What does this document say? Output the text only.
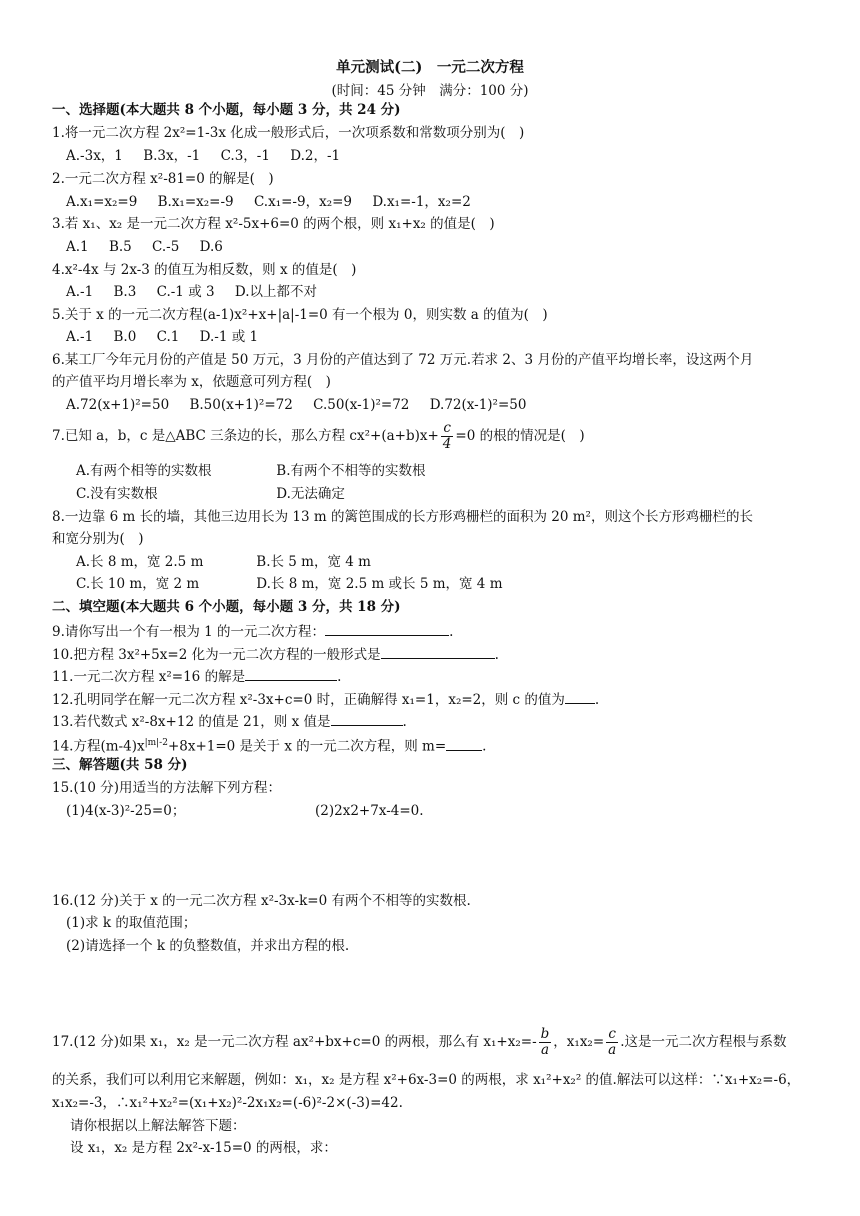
单元测试(二)　一元二次方程
(时间：45 分钟　满分：100 分)
一、选择题(本大题共 8 个小题，每小题 3 分，共 24 分)
1.将一元二次方程 2x²=1-3x 化成一般形式后，一次项系数和常数项分别为(　)
A.-3x，1 B.3x，-1 C.3，-1 D.2，-1
2.一元二次方程 x²-81=0 的解是(　)
A.x₁=x₂=9 B.x₁=x₂=-9 C.x₁=-9，x₂=9 D.x₁=-1，x₂=2
3.若 x₁、x₂ 是一元二次方程 x²-5x+6=0 的两个根，则 x₁+x₂ 的值是(　)
A.1 B.5 C.-5 D.6
4.x²-4x 与 2x-3 的值互为相反数，则 x 的值是(　)
A.-1 B.3 C.-1 或 3 D.以上都不对
5.关于 x 的一元二次方程(a-1)x²+x+|a|-1=0 有一个根为 0，则实数 a 的值为(　)
A.-1 B.0 C.1 D.-1 或 1
6.某工厂今年元月份的产值是 50 万元，3 月份的产值达到了 72 万元.若求 2、3 月份的产值平均增长率，设这两个月
的产值平均月增长率为 x，依题意可列方程(　)
A.72(x+1)²=50 B.50(x+1)²=72 C.50(x-1)²=72 D.72(x-1)²=50
7.已知 a，b，c 是△ABC 三条边的长，那么方程 $cx^2+(a+b)x+ \frac{c}{4} =0$ 的根的情况是(　)
A.有两个相等的实数根	B.有两个不相等的实数根
C.没有实数根	D.无法确定
8.一边靠 6 m 长的墙，其他三边用长为 13 m 的篱笆围成的长方形鸡栅栏的面积为 20 m²，则这个长方形鸡栅栏的长
和宽分别为(　)
A.长 8 m，宽 2.5 m	B.长 5 m，宽 4 m
C.长 10 m，宽 2 m	D.长 8 m，宽 2.5 m 或长 5 m，宽 4 m
二、填空题(本大题共 6 个小题，每小题 3 分，共 18 分)
9.请你写出一个有一根为 1 的一元二次方程：	.
10.把方程 3x²+5x=2 化为一元二次方程的一般形式是	.
11.一元二次方程 x²=16 的解是	.
12.孔明同学在解一元二次方程 x²-3x+c=0 时，正确解得 x₁=1，x₂=2，则 c 的值为 .
13.若代数式 x²-8x+12 的值是 21，则 x 值是	.
14.方程$(m-4)x^{|m|-2}+8x+1=0$ 是关于 x 的一元二次方程，则 m=	.
三、解答题(共 58 分)
15.(10 分)用适当的方法解下列方程：
(1)4(x-3)²-25=0；	(2)2x2+7x-4=0.
16.(12 分)关于 x 的一元二次方程 x²-3x-k=0 有两个不相等的实数根.
(1)求 k 的取值范围；
(2)请选择一个 k 的负整数值，并求出方程的根.
17.(12 分)如果 x₁，x₂ 是一元二次方程 ax²+bx+c=0 的两根，那么有 $x_1+x_2=- \frac{b}{a}$ ，$x_1x_2= \frac{c}{a}$ .这是一元二次方程根与系数
的关系，我们可以利用它来解题，例如：x₁，x₂ 是方程 x²+6x-3=0 的两根，求 x₁²+x₂² 的值.解法可以这样：∵x₁+x₂=-6，
x₁x₂=-3，∴x₁²+x₂²=(x₁+x₂)²-2x₁x₂=(-6)²-2×(-3)=42.
请你根据以上解法解答下题：
设 x₁，x₂ 是方程 2x²-x-15=0 的两根，求：
